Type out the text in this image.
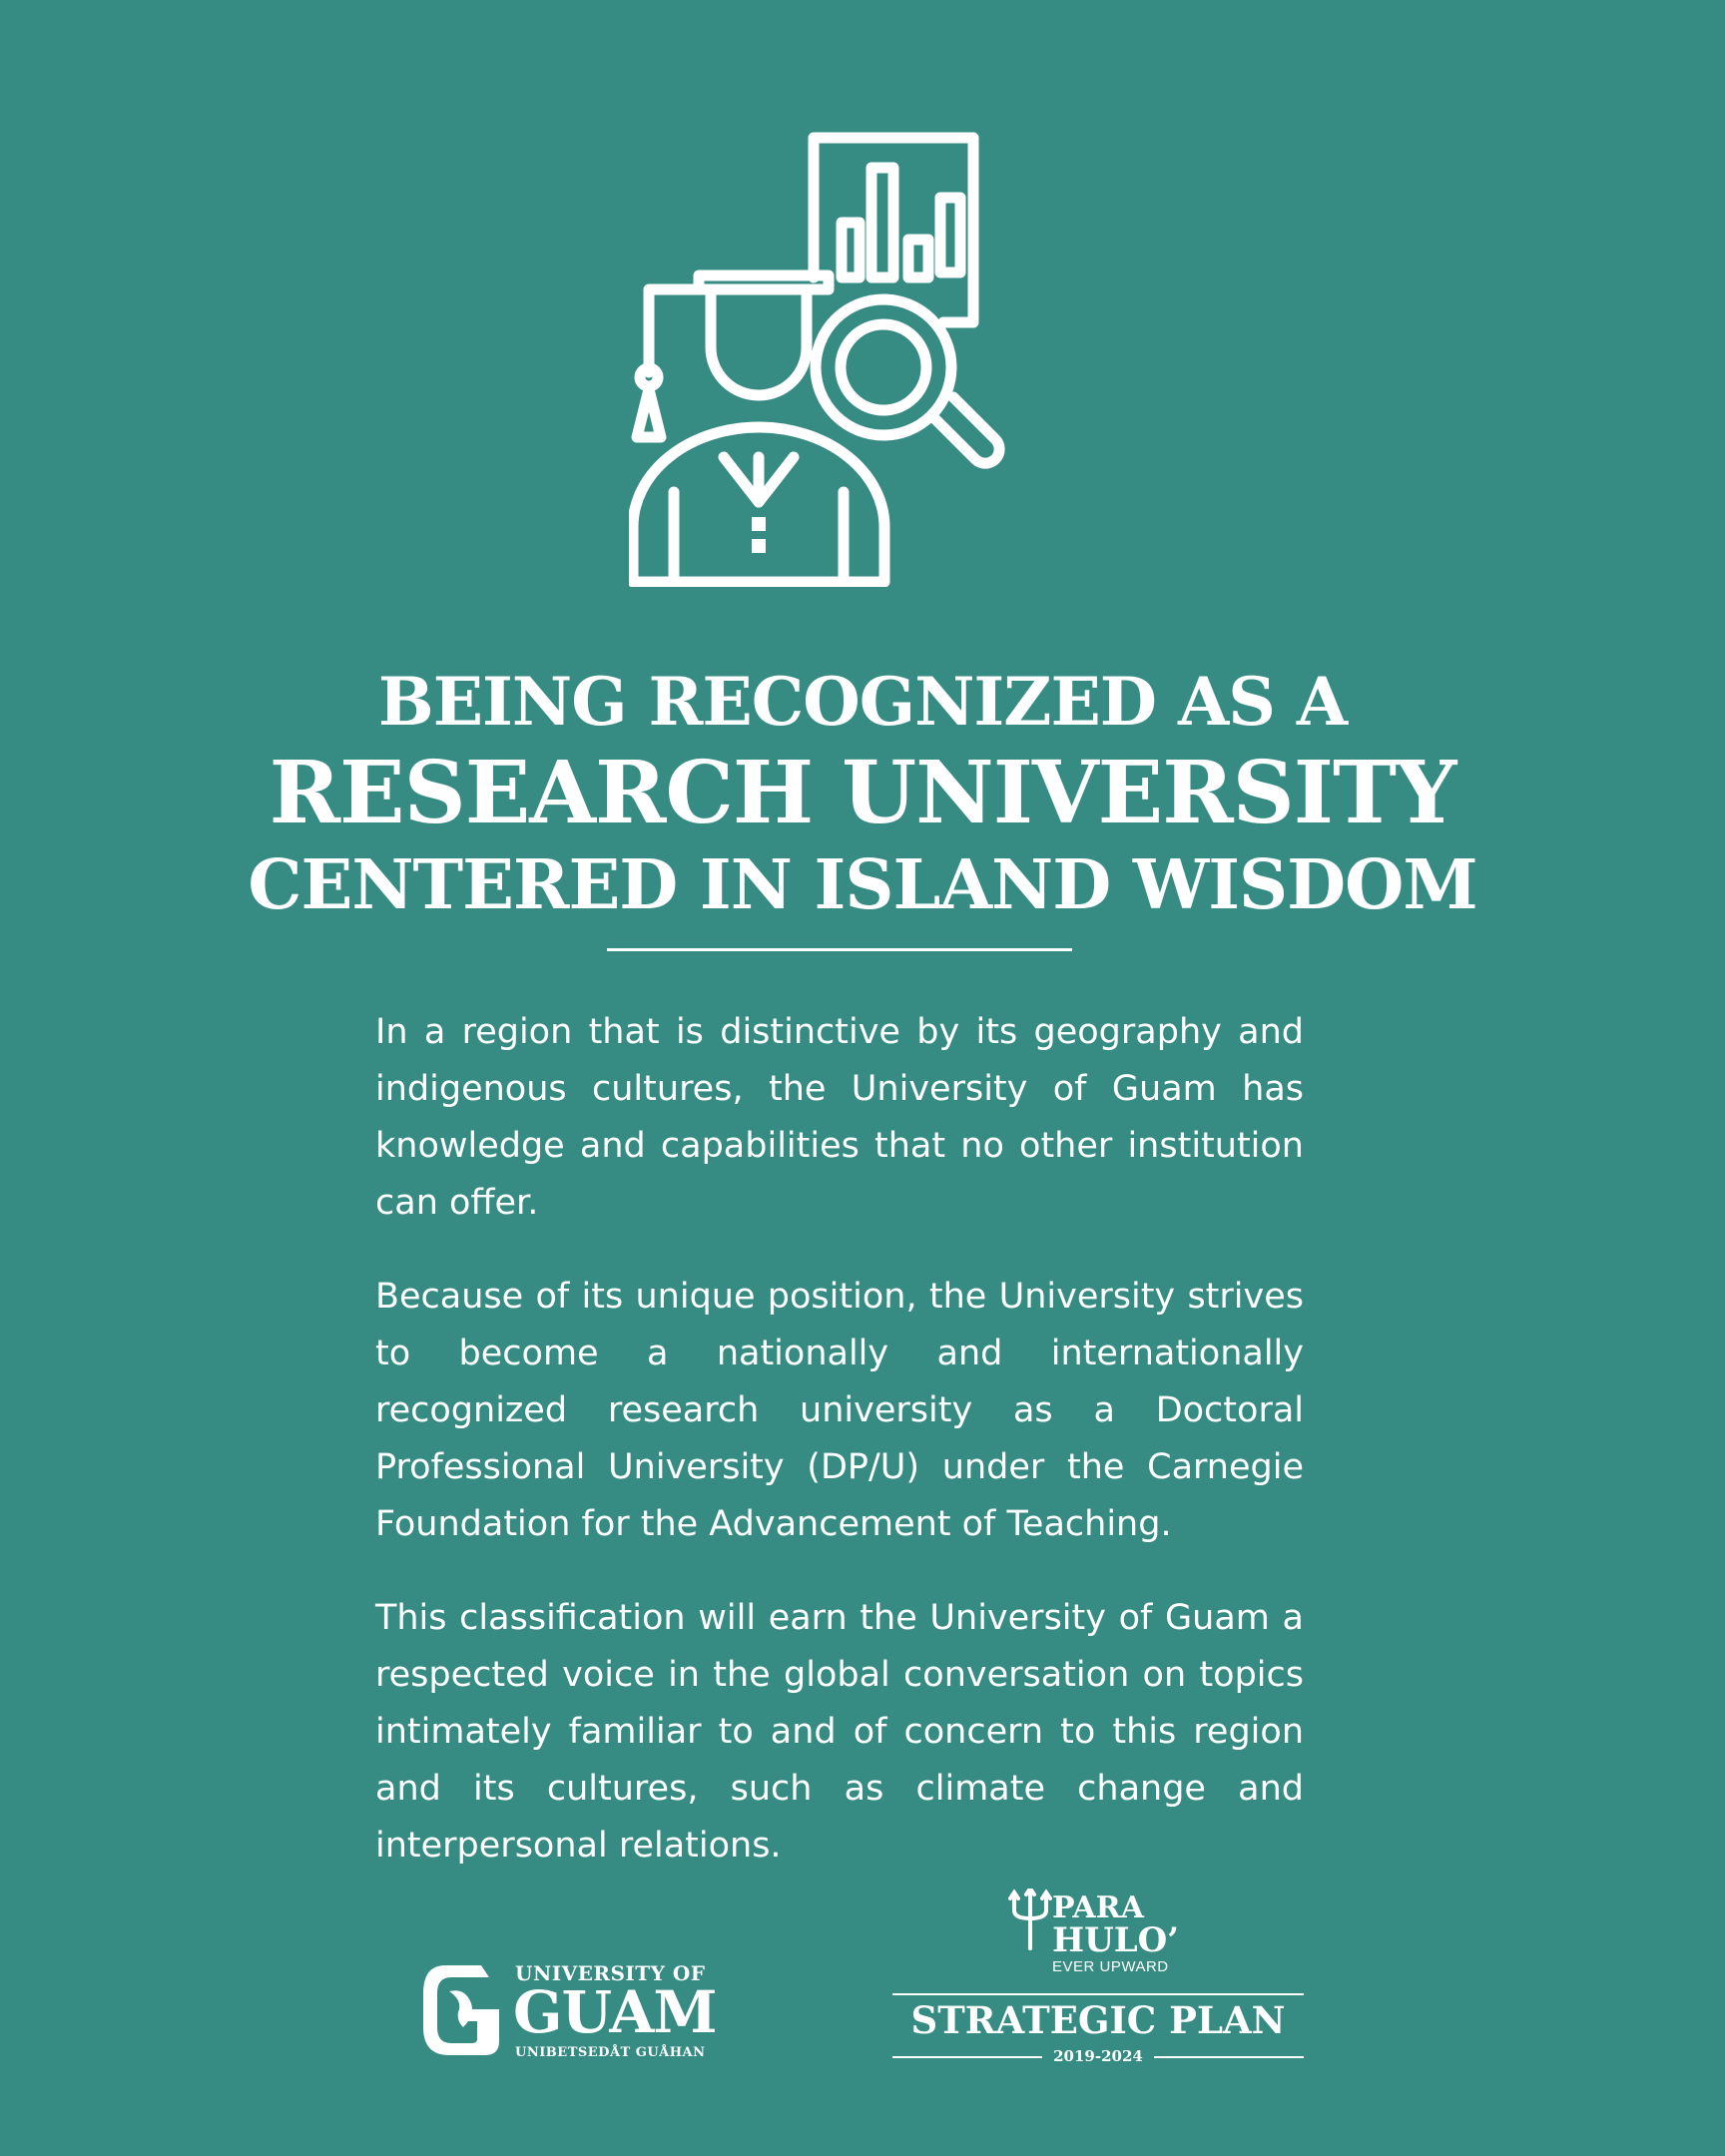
BEING RECOGNIZED AS A
RESEARCH UNIVERSITY
CENTERED IN ISLAND WISDOM

In a region that is distinctive by its geography and indigenous cultures, the University of Guam has knowledge and capabilities that no other institution can offer.

Because of its unique position, the University strives to become a nationally and internationally recognized research university as a Doctoral Professional University (DP/U) under the Carnegie Foundation for the Advancement of Teaching.

This classification will earn the University of Guam a respected voice in the global conversation on topics intimately familiar to and of concern to this region and its cultures, such as climate change and interpersonal relations.

UNIVERSITY OF
GUAM
UNIBETSEDÅT GUÅHAN
PARA
HULO’
EVER UPWARD
STRATEGIC PLAN
2019-2024
